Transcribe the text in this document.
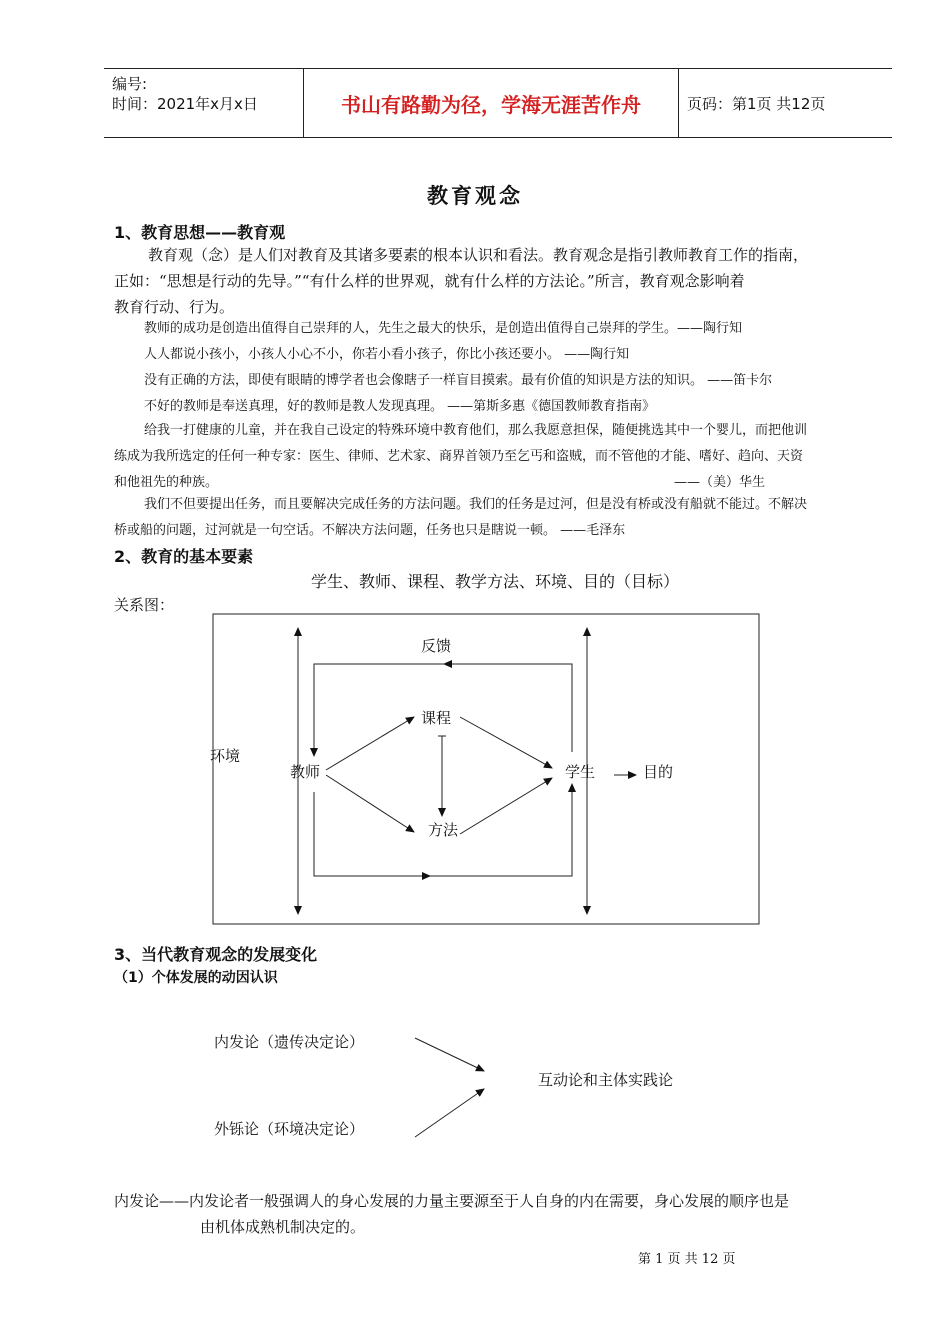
编号:
时间：2021年x月x日	书山有路勤为径，学海无涯苦作舟	页码：第1页 共12页
教育观念
1、教育思想——教育观
教育观（念）是人们对教育及其诸多要素的根本认识和看法。教育观念是指引教师教育工作的指南，
正如：“思想是行动的先导。”“有什么样的世界观，就有什么样的方法论。”所言，教育观念影响着
教育行动、行为。
教师的成功是创造出值得自己崇拜的人，先生之最大的快乐，是创造出值得自己崇拜的学生。——陶行知
人人都说小孩小，小孩人小心不小，你若小看小孩子，你比小孩还要小。 ——陶行知
没有正确的方法，即使有眼睛的博学者也会像瞎子一样盲目摸索。最有价值的知识是方法的知识。 ——笛卡尔
不好的教师是奉送真理，好的教师是教人发现真理。 ——第斯多惠《德国教师教育指南》
给我一打健康的儿童，并在我自己设定的特殊环境中教育他们，那么我愿意担保，随便挑选其中一个婴儿，而把他训
练成为我所选定的任何一种专家：医生、律师、艺术家、商界首领乃至乞丐和盗贼，而不管他的才能、嗜好、趋向、天资
和他祖先的种族。	——（美）华生
我们不但要提出任务，而且要解决完成任务的方法问题。我们的任务是过河，但是没有桥或没有船就不能过。不解决
桥或船的问题，过河就是一句空话。不解决方法问题，任务也只是瞎说一顿。 ——毛泽东
2、教育的基本要素
学生、教师、课程、教学方法、环境、目的（目标）
关系图：
反馈
课程
环境
教师	学生	目的
方法
3、当代教育观念的发展变化
（1）个体发展的动因认识
内发论（遗传决定论）
外铄论（环境决定论）
互动论和主体实践论
内发论——内发论者一般强调人的身心发展的力量主要源至于人自身的内在需要，身心发展的顺序也是
由机体成熟机制决定的。
第 1 页 共 12 页
